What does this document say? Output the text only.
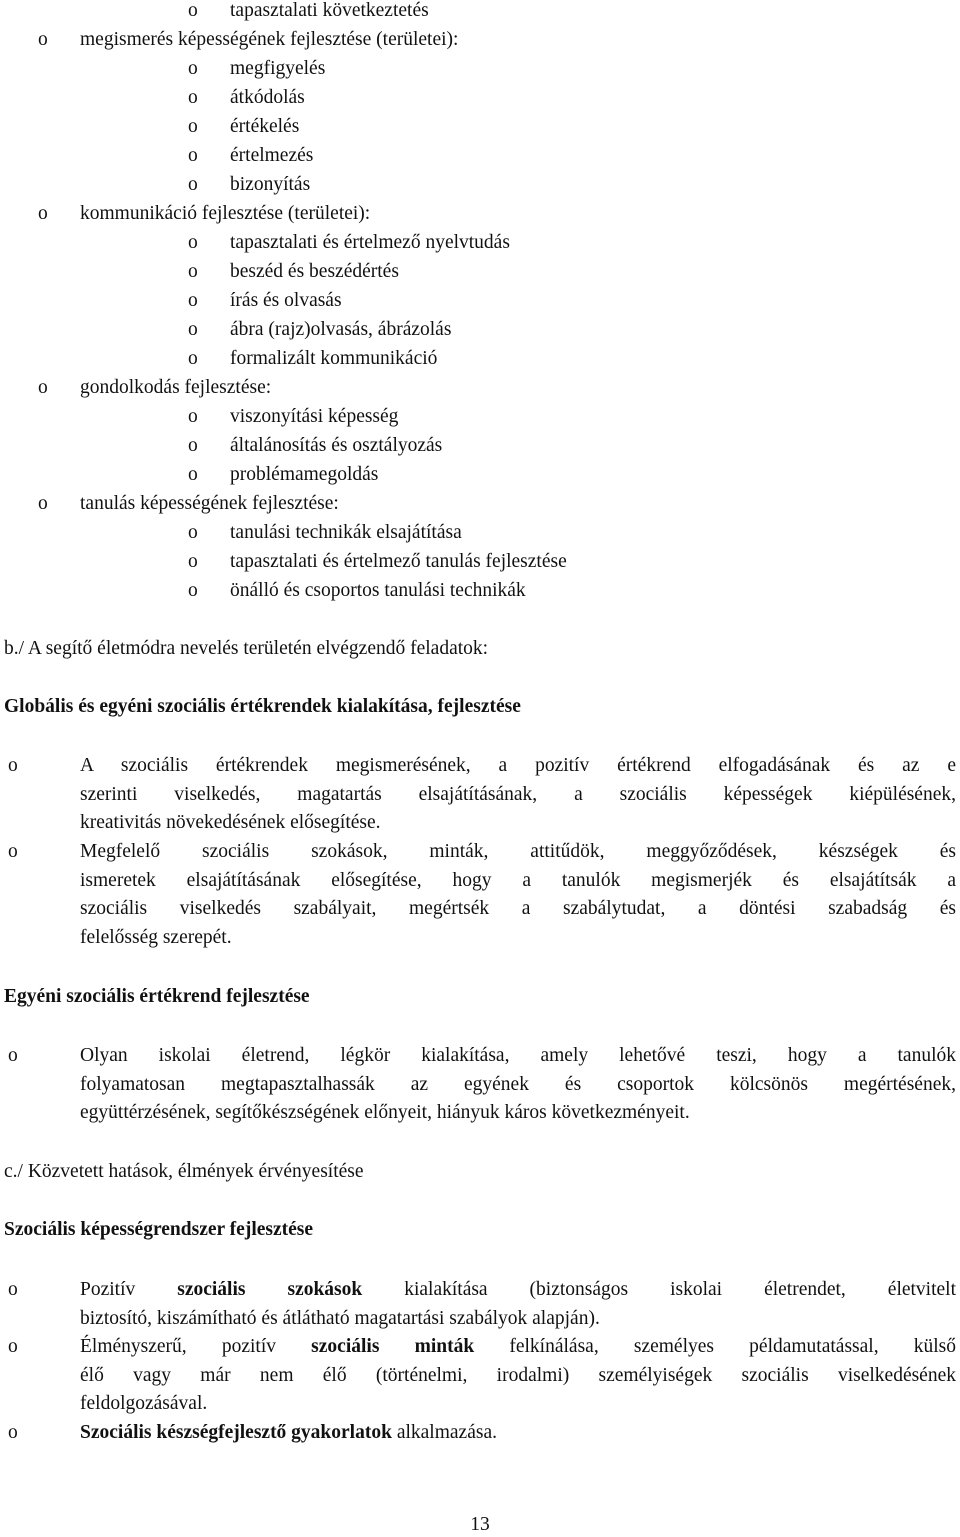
o	tapasztalati következtetés
o	megismerés képességének fejlesztése (területei):
o	megfigyelés
o	átkódolás
o	értékelés
o	értelmezés
o	bizonyítás
o	kommunikáció fejlesztése (területei):
o	tapasztalati és értelmező nyelvtudás
o	beszéd és beszédértés
o	írás és olvasás
o	ábra (rajz)olvasás, ábrázolás
o	formalizált kommunikáció
o	gondolkodás fejlesztése:
o	viszonyítási képesség
o	általánosítás és osztályozás
o	problémamegoldás
o	tanulás képességének fejlesztése:
o	tanulási technikák elsajátítása
o	tapasztalati és értelmező tanulás fejlesztése
o	önálló és csoportos tanulási technikák
b./ A segítő életmódra nevelés területén elvégzendő feladatok:
Globális és egyéni szociális értékrendek kialakítása, fejlesztése
o	A szociális értékrendek megismerésének, a pozitív értékrend elfogadásának és az e
szerinti viselkedés, magatartás elsajátításának, a szociális képességek kiépülésének,
kreativitás növekedésének elősegítése.
o	Megfelelő szociális szokások, minták, attitűdök, meggyőződések, készségek és
ismeretek elsajátításának elősegítése, hogy a tanulók megismerjék és elsajátítsák a
szociális viselkedés szabályait, megértsék a szabálytudat, a döntési szabadság és
felelősség szerepét.
Egyéni szociális értékrend fejlesztése
o	Olyan iskolai életrend, légkör kialakítása, amely lehetővé teszi, hogy a tanulók
folyamatosan megtapasztalhassák az egyének és csoportok kölcsönös megértésének,
együttérzésének, segítőkészségének előnyeit, hiányuk káros következményeit.
c./ Közvetett hatások, élmények érvényesítése
Szociális képességrendszer fejlesztése
o	Pozitív szociális szokások kialakítása (biztonságos iskolai életrendet, életvitelt
biztosító, kiszámítható és átlátható magatartási szabályok alapján).
o	Élményszerű, pozitív szociális minták felkínálása, személyes példamutatással, külső
élő vagy már nem élő (történelmi, irodalmi) személyiségek szociális viselkedésének
feldolgozásával.
o	Szociális készségfejlesztő gyakorlatok alkalmazása.
13
